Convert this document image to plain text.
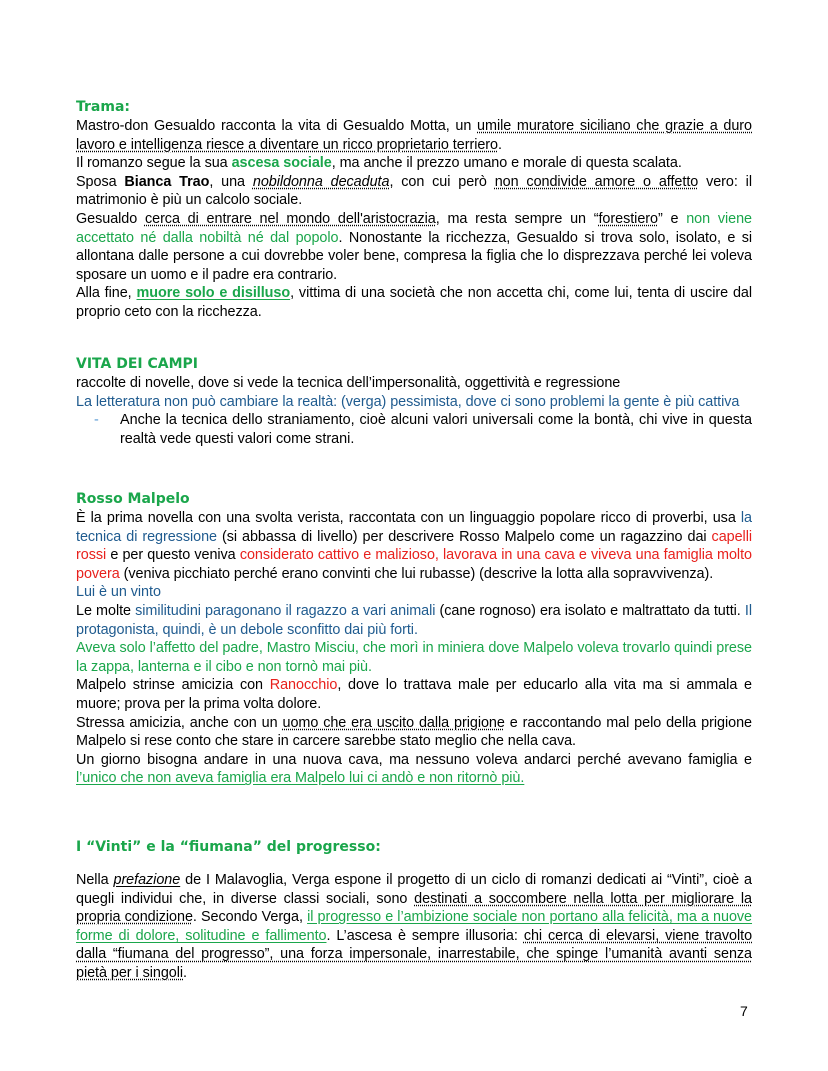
Trama:

Mastro-don Gesualdo racconta la vita di Gesualdo Motta, un umile muratore siciliano che grazie a duro lavoro e intelligenza riesce a diventare un ricco proprietario terriero.

Il romanzo segue la sua ascesa sociale, ma anche il prezzo umano e morale di questa scalata.

Sposa Bianca Trao, una nobildonna decaduta, con cui però non condivide amore o affetto vero: il matrimonio è più un calcolo sociale.

Gesualdo cerca di entrare nel mondo dell'aristocrazia, ma resta sempre un “forestiero” e non viene accettato né dalla nobiltà né dal popolo. Nonostante la ricchezza, Gesualdo si trova solo, isolato, e si allontana dalle persone a cui dovrebbe voler bene, compresa la figlia che lo disprezzava perché lei voleva sposare un uomo e il padre era contrario.

Alla fine, muore solo e disilluso, vittima di una società che non accetta chi, come lui, tenta di uscire dal proprio ceto con la ricchezza.

VITA DEI CAMPI

raccolte di novelle, dove si vede la tecnica dell’impersonalità, oggettività e regressione

La letteratura non può cambiare la realtà: (verga) pessimista, dove ci sono problemi la gente è più cattiva

- Anche la tecnica dello straniamento, cioè alcuni valori universali come la bontà, chi vive in questa realtà vede questi valori come strani.
Rosso Malpelo

È la prima novella con una svolta verista, raccontata con un linguaggio popolare ricco di proverbi, usa la tecnica di regressione (si abbassa di livello) per descrivere Rosso Malpelo come un ragazzino dai capelli rossi e per questo veniva considerato cattivo e malizioso, lavorava in una cava e viveva una famiglia molto povera (veniva picchiato perché erano convinti che lui rubasse) (descrive la lotta alla sopravvivenza).

Lui è un vinto

Le molte similitudini paragonano il ragazzo a vari animali (cane rognoso) era isolato e maltrattato da tutti. Il protagonista, quindi, è un debole sconfitto dai più forti.

Aveva solo l’affetto del padre, Mastro Misciu, che morì in miniera dove Malpelo voleva trovarlo quindi prese la zappa, lanterna e il cibo e non tornò mai più.

Malpelo strinse amicizia con Ranocchio, dove lo trattava male per educarlo alla vita ma si ammala e muore; prova per la prima volta dolore.

Stressa amicizia, anche con un uomo che era uscito dalla prigione e raccontando mal pelo della prigione Malpelo si rese conto che stare in carcere sarebbe stato meglio che nella cava.

Un giorno bisogna andare in una nuova cava, ma nessuno voleva andarci perché avevano famiglia e l’unico che non aveva famiglia era Malpelo lui ci andò e non ritornò più.

I “Vinti” e la “fiumana” del progresso:

Nella prefazione de I Malavoglia, Verga espone il progetto di un ciclo di romanzi dedicati ai “Vinti”, cioè a quegli individui che, in diverse classi sociali, sono destinati a soccombere nella lotta per migliorare la propria condizione. Secondo Verga, il progresso e l’ambizione sociale non portano alla felicità, ma a nuove forme di dolore, solitudine e fallimento. L’ascesa è sempre illusoria: chi cerca di elevarsi, viene travolto dalla “fiumana del progresso”, una forza impersonale, inarrestabile, che spinge l’umanità avanti senza pietà per i singoli.

7
